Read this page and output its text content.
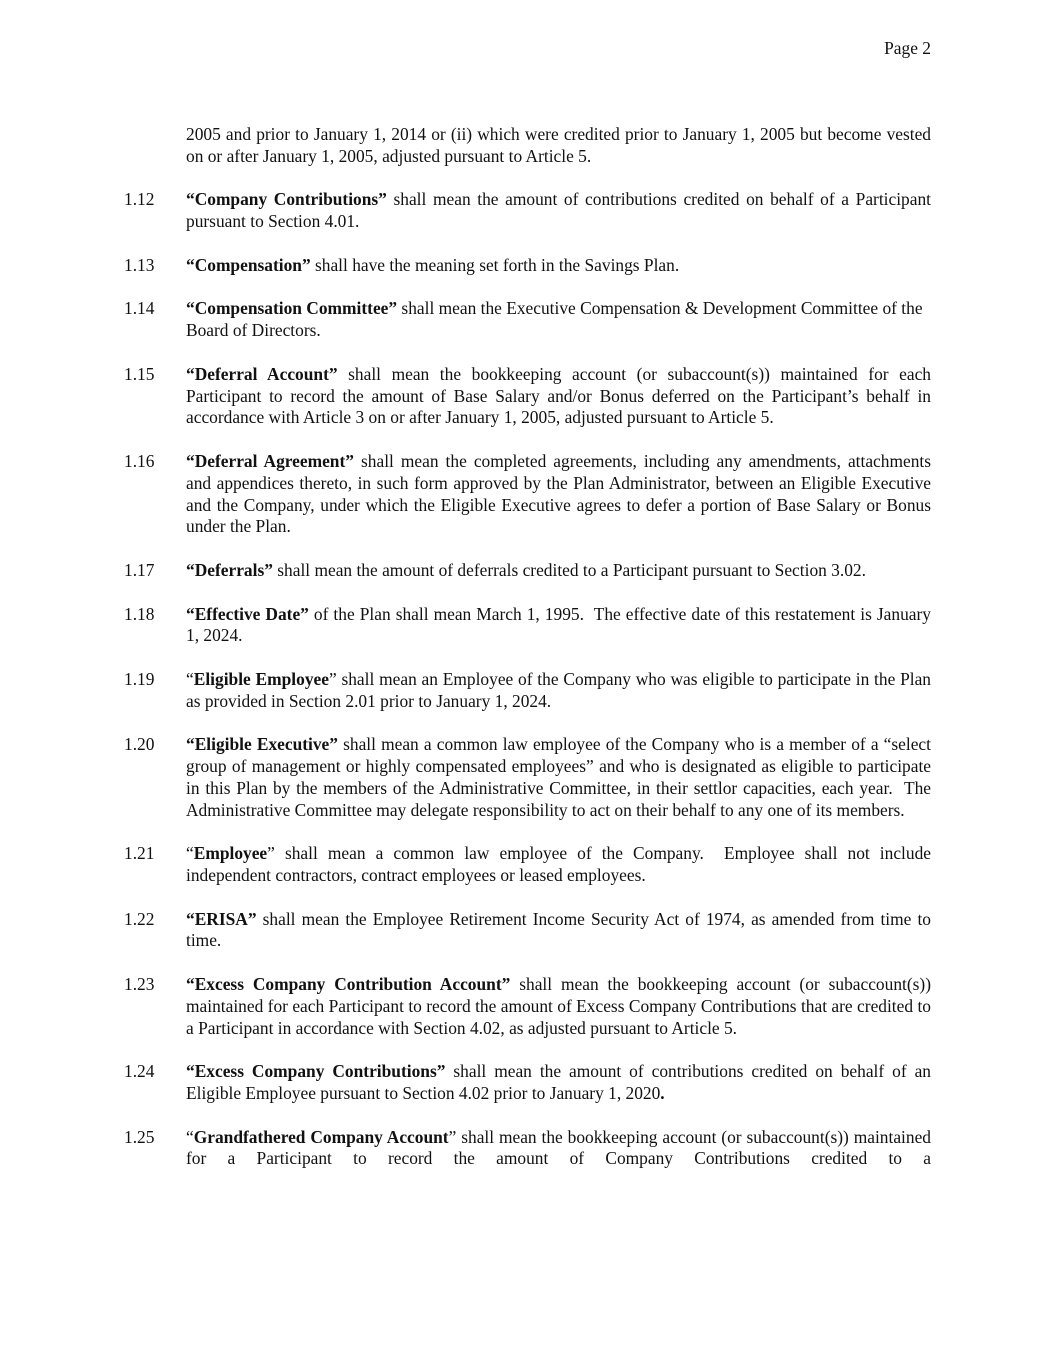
Page 2
2005 and prior to January 1, 2014 or (ii) which were credited prior to January 1, 2005 but become vested on or after January 1, 2005, adjusted pursuant to Article 5.
1.12	“Company Contributions” shall mean the amount of contributions credited on behalf of a Participant pursuant to Section 4.01.
1.13	“Compensation” shall have the meaning set forth in the Savings Plan.
1.14	“Compensation Committee” shall mean the Executive Compensation & Development Committee of the Board of Directors.
1.15	“Deferral Account” shall mean the bookkeeping account (or subaccount(s)) maintained for each Participant to record the amount of Base Salary and/or Bonus deferred on the Participant’s behalf in accordance with Article 3 on or after January 1, 2005, adjusted pursuant to Article 5.
1.16	“Deferral Agreement” shall mean the completed agreements, including any amendments, attachments and appendices thereto, in such form approved by the Plan Administrator, between an Eligible Executive and the Company, under which the Eligible Executive agrees to defer a portion of Base Salary or Bonus under the Plan.
1.17	“Deferrals” shall mean the amount of deferrals credited to a Participant pursuant to Section 3.02.
1.18	“Effective Date” of the Plan shall mean March 1, 1995.  The effective date of this restatement is January 1, 2024.
1.19	“Eligible Employee” shall mean an Employee of the Company who was eligible to participate in the Plan as provided in Section 2.01 prior to January 1, 2024.
1.20	“Eligible Executive” shall mean a common law employee of the Company who is a member of a “select group of management or highly compensated employees” and who is designated as eligible to participate in this Plan by the members of the Administrative Committee, in their settlor capacities, each year.  The Administrative Committee may delegate responsibility to act on their behalf to any one of its members.
1.21	“Employee” shall mean a common law employee of the Company.  Employee shall not include independent contractors, contract employees or leased employees.
1.22	“ERISA” shall mean the Employee Retirement Income Security Act of 1974, as amended from time to time.
1.23	“Excess Company Contribution Account” shall mean the bookkeeping account (or subaccount(s)) maintained for each Participant to record the amount of Excess Company Contributions that are credited to a Participant in accordance with Section 4.02, as adjusted pursuant to Article 5.
1.24	“Excess Company Contributions” shall mean the amount of contributions credited on behalf of an Eligible Employee pursuant to Section 4.02 prior to January 1, 2020.
1.25	“Grandfathered Company Account” shall mean the bookkeeping account (or subaccount(s)) maintained for a Participant to record the amount of Company Contributions credited to a
